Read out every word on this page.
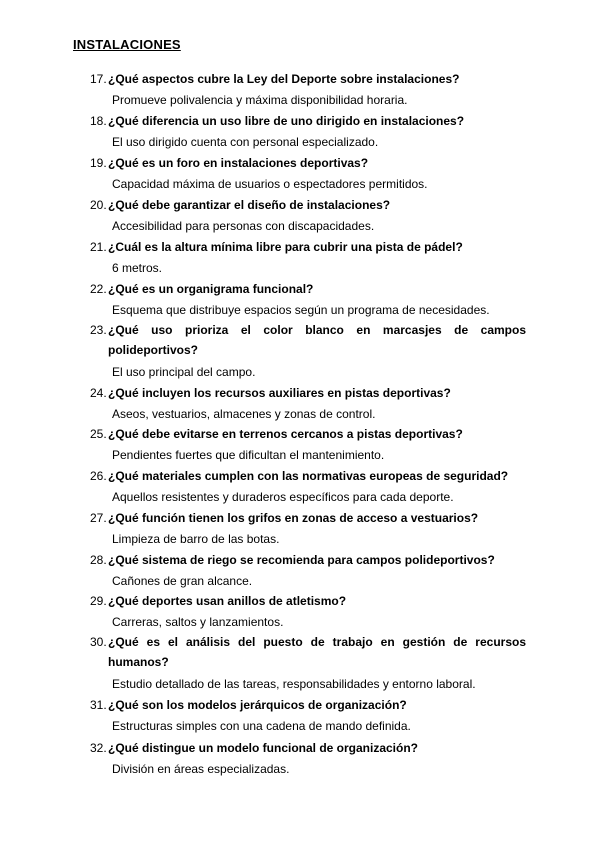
INSTALACIONES
17. ¿Qué aspectos cubre la Ley del Deporte sobre instalaciones?
Promueve polivalencia y máxima disponibilidad horaria.
18. ¿Qué diferencia un uso libre de uno dirigido en instalaciones?
El uso dirigido cuenta con personal especializado.
19. ¿Qué es un foro en instalaciones deportivas?
Capacidad máxima de usuarios o espectadores permitidos.
20. ¿Qué debe garantizar el diseño de instalaciones?
Accesibilidad para personas con discapacidades.
21. ¿Cuál es la altura mínima libre para cubrir una pista de pádel?
6 metros.
22. ¿Qué es un organigrama funcional?
Esquema que distribuye espacios según un programa de necesidades.
23. ¿Qué uso prioriza el color blanco en marcasjes de campos polideportivos?
El uso principal del campo.
24. ¿Qué incluyen los recursos auxiliares en pistas deportivas?
Aseos, vestuarios, almacenes y zonas de control.
25. ¿Qué debe evitarse en terrenos cercanos a pistas deportivas?
Pendientes fuertes que dificultan el mantenimiento.
26. ¿Qué materiales cumplen con las normativas europeas de seguridad?
Aquellos resistentes y duraderos específicos para cada deporte.
27. ¿Qué función tienen los grifos en zonas de acceso a vestuarios?
Limpieza de barro de las botas.
28. ¿Qué sistema de riego se recomienda para campos polideportivos?
Cañones de gran alcance.
29. ¿Qué deportes usan anillos de atletismo?
Carreras, saltos y lanzamientos.
30. ¿Qué es el análisis del puesto de trabajo en gestión de recursos humanos?
Estudio detallado de las tareas, responsabilidades y entorno laboral.
31. ¿Qué son los modelos jerárquicos de organización?
Estructuras simples con una cadena de mando definida.
32. ¿Qué distingue un modelo funcional de organización?
División en áreas especializadas.
